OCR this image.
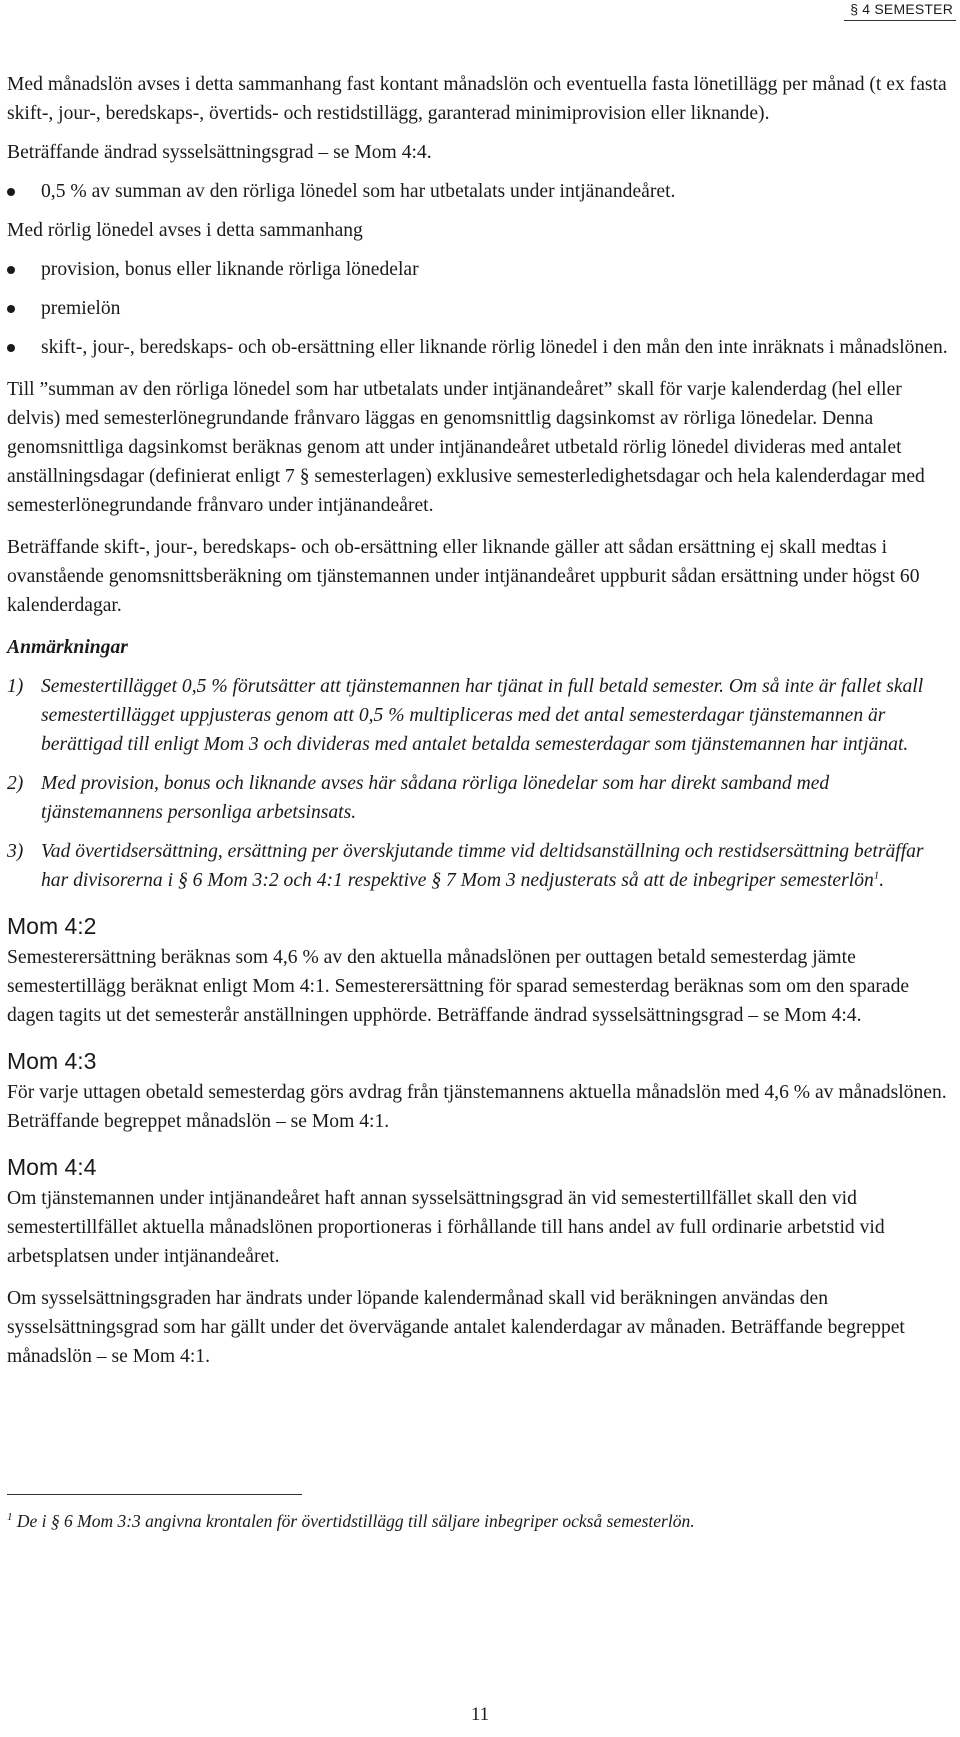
§ 4 SEMESTER

Med månadslön avses i detta sammanhang fast kontant månadslön och eventuella fasta lönetillägg per månad (t ex fasta skift-, jour-, beredskaps-, övertids- och restidstillägg, garanterad minimiprovision eller liknande).

Beträffande ändrad sysselsättningsgrad – se Mom 4:4.

0,5 % av summan av den rörliga lönedel som har utbetalats under intjänandeåret.

Med rörlig lönedel avses i detta sammanhang

provision, bonus eller liknande rörliga lönedelar
premielön
skift-, jour-, beredskaps- och ob-ersättning eller liknande rörlig lönedel i den mån den inte inräknats i månadslönen.

Till ”summan av den rörliga lönedel som har utbetalats under intjänandeåret” skall för varje kalenderdag (hel eller delvis) med semesterlönegrundande frånvaro läggas en genomsnittlig dagsinkomst av rörliga lönedelar. Denna genomsnittliga dagsinkomst beräknas genom att under intjänandeåret utbetald rörlig lönedel divideras med antalet anställningsdagar (definierat enligt 7 § semesterlagen) exklusive semesterledighetsdagar och hela kalenderdagar med semesterlönegrundande frånvaro under intjänandeåret.

Beträffande skift-, jour-, beredskaps- och ob-ersättning eller liknande gäller att sådan ersättning ej skall medtas i ovanstående genomsnittsberäkning om tjänstemannen under intjänandeåret uppburit sådan ersättning under högst 60 kalenderdagar.

Anmärkningar

1) Semestertillägget 0,5 % förutsätter att tjänstemannen har tjänat in full betald semester. Om så inte är fallet skall semestertillägget uppjusteras genom att 0,5 % multipliceras med det antal semesterdagar tjänstemannen är berättigad till enligt Mom 3 och divideras med antalet betalda semesterdagar som tjänstemannen har intjänat.
2) Med provision, bonus och liknande avses här sådana rörliga lönedelar som har direkt samband med tjänstemannens personliga arbetsinsats.
3) Vad övertidsersättning, ersättning per överskjutande timme vid deltidsanställning och restidsersättning beträffar har divisorerna i § 6 Mom 3:2 och 4:1 respektive § 7 Mom 3 nedjusterats så att de inbegriper semesterlön$^1$.
Mom 4:2

Semesterersättning beräknas som 4,6 % av den aktuella månadslönen per outtagen betald semesterdag jämte semestertillägg beräknat enligt Mom 4:1. Semesterersättning för sparad semesterdag beräknas som om den sparade dagen tagits ut det semesterår anställningen upphörde. Beträffande ändrad sysselsättningsgrad – se Mom 4:4.

Mom 4:3

För varje uttagen obetald semesterdag görs avdrag från tjänstemannens aktuella månadslön med 4,6 % av månadslönen. Beträffande begreppet månadslön – se Mom 4:1.

Mom 4:4

Om tjänstemannen under intjänandeåret haft annan sysselsättningsgrad än vid semestertillfället skall den vid semestertillfället aktuella månadslönen proportioneras i förhållande till hans andel av full ordinarie arbetstid vid arbetsplatsen under intjänandeåret.

Om sysselsättningsgraden har ändrats under löpande kalendermånad skall vid beräkningen användas den sysselsättningsgrad som har gällt under det övervägande antalet kalenderdagar av månaden. Beträffande begreppet månadslön – se Mom 4:1.

$^1$ De i § 6 Mom 3:3 angivna krontalen för övertidstillägg till säljare inbegriper också semesterlön.

11
